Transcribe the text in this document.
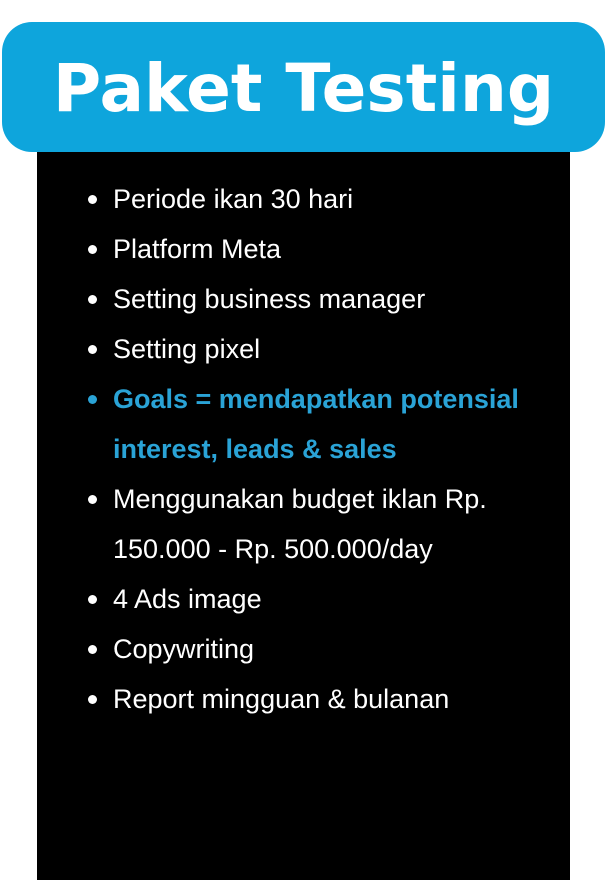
Paket Testing
Periode ikan 30 hari
Platform Meta
Setting business manager
Setting pixel
Goals = mendapatkan potensial interest, leads & sales
Menggunakan budget iklan Rp. 150.000 - Rp. 500.000/day
4 Ads image
Copywriting
Report mingguan & bulanan
